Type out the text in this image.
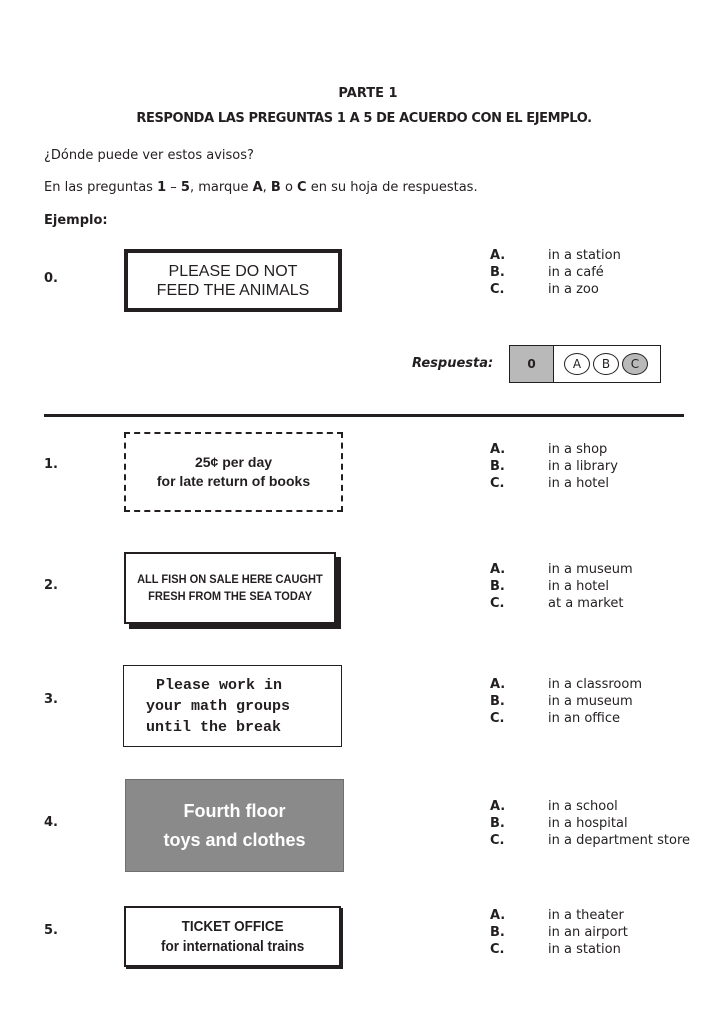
PARTE 1
RESPONDA LAS PREGUNTAS 1 A 5 DE ACUERDO CON EL EJEMPLO.
¿Dónde puede ver estos avisos?
En las preguntas 1 – 5, marque A, B o C en su hoja de respuestas.
Ejemplo:
0.	PLEASE DO NOT
FEED THE ANIMALS
A.	in a station
B.	in a café
C.	in a zoo
Respuesta:	0	A	B	C
1.	25¢ per day
for late return of books
A.	in a shop
B.	in a library
C.	in a hotel
2.	ALL FISH ON SALE HERE CAUGHT
FRESH FROM THE SEA TODAY
A.	in a museum
B.	in a hotel
C.	at a market
3.
Please work in
your math groups
until the break
A.	in a classroom
B.	in a museum
C.	in an office
4.
Fourth floor
toys and clothes
A.	in a school
B.	in a hospital
C.	in a department store
5.	TICKET OFFICE
for international trains
A.	in a theater
B.	in an airport
C.	in a station
